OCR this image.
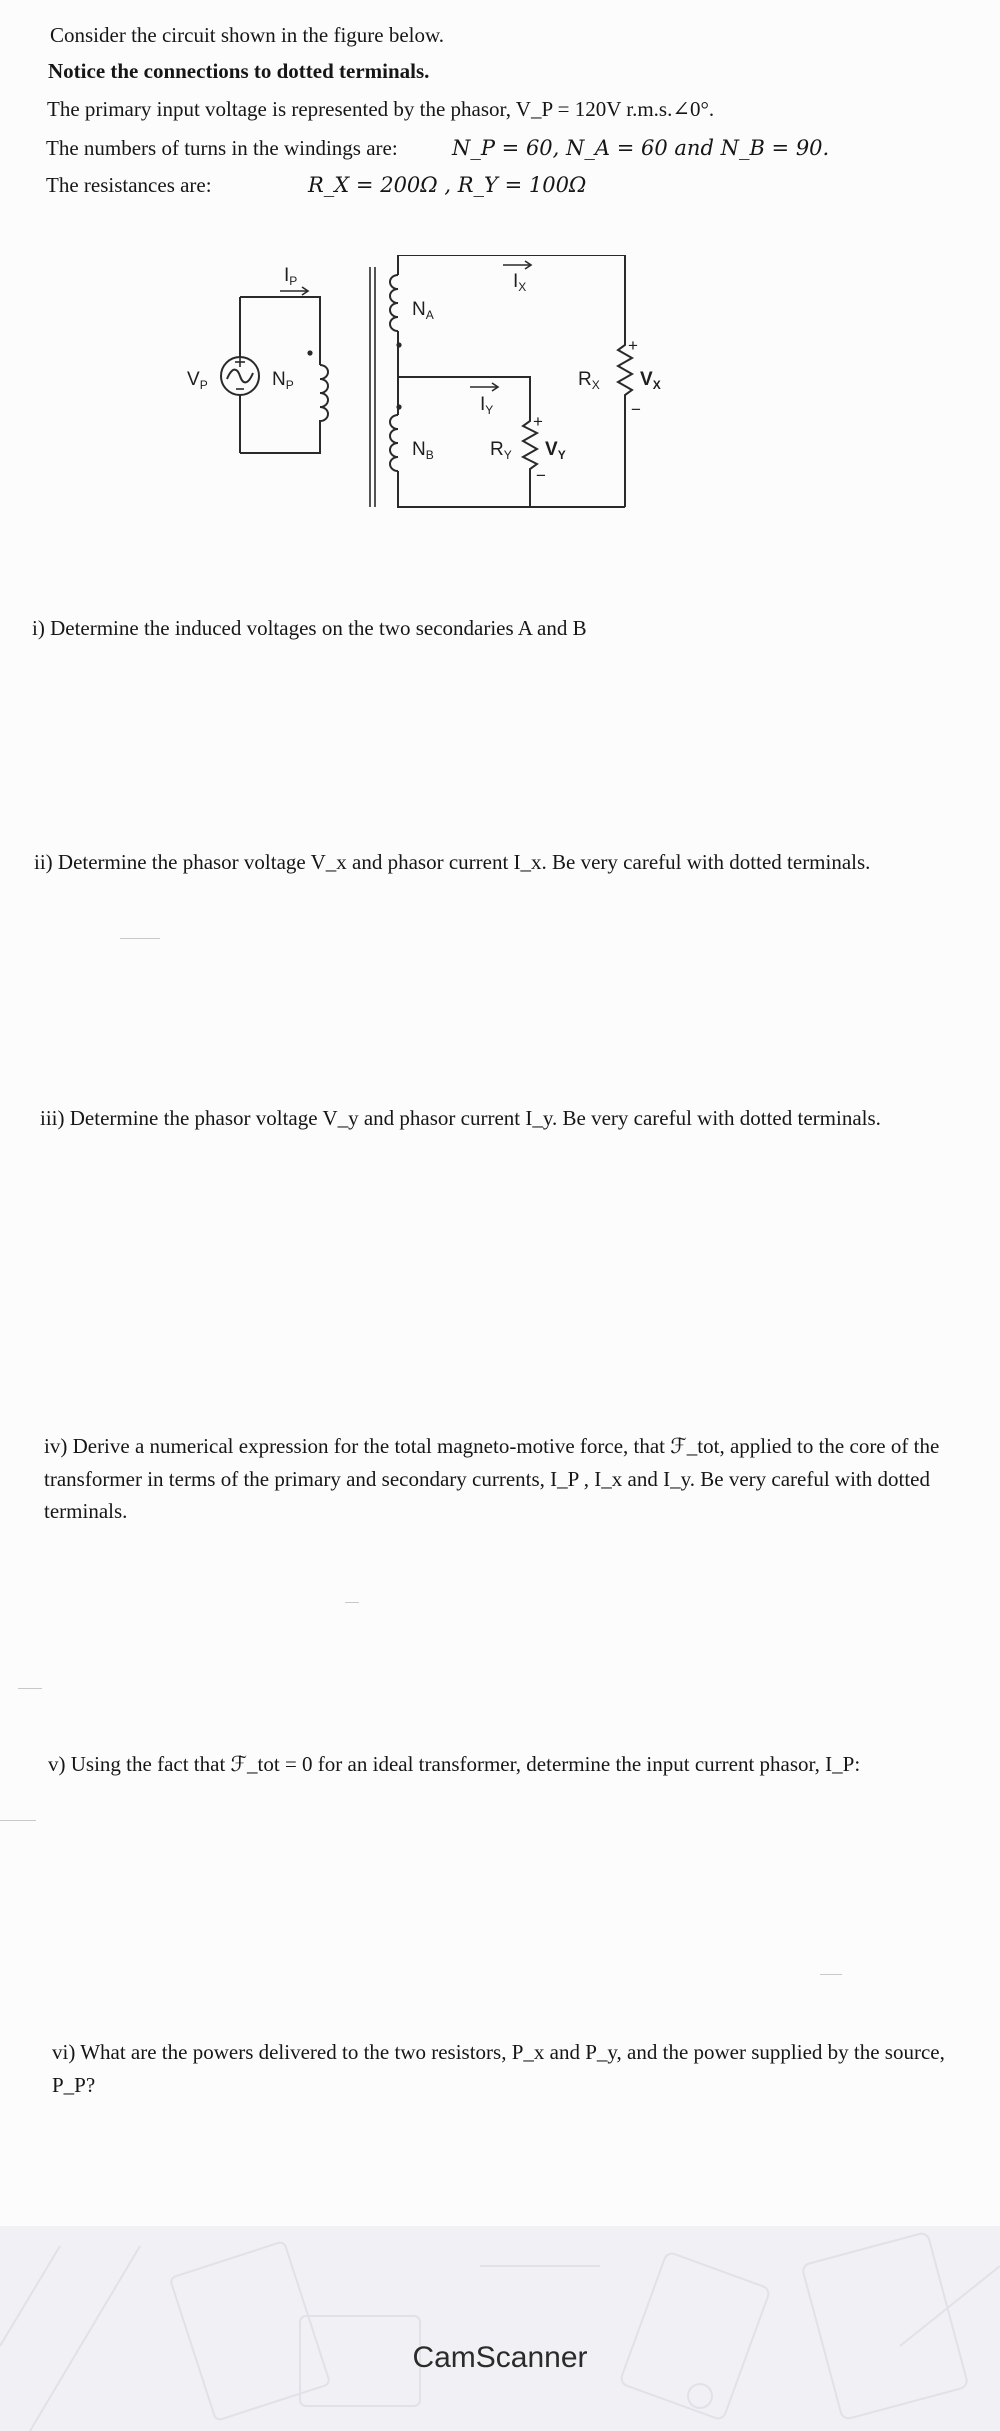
Consider the circuit shown in the figure below.
Notice the connections to dotted terminals.
The primary input voltage is represented by the phasor, V_P = 120V r.m.s.∠0°.
The numbers of turns in the windings are:	N_P = 60, N_A = 60 and N_B = 90.
The resistances are:	R_X = 200Ω , R_Y = 100Ω
$V_P$
$I_P$
$N_P$
$N_A$
$N_B$
$I_X$
$I_Y$
$R_X$
$R_Y$
$V_X$
$V_Y$
+
−
+
−
i) Determine the induced voltages on the two secondaries A and B
ii) Determine the phasor voltage V_x and phasor current I_x. Be very careful with dotted terminals.
iii) Determine the phasor voltage V_y and phasor current I_y. Be very careful with dotted terminals.
iv) Derive a numerical expression for the total magneto-motive force, that ℱ_tot, applied to the core of the transformer in terms of the primary and secondary currents, I_P , I_x and I_y. Be very careful with dotted terminals.
v) Using the fact that ℱ_tot = 0 for an ideal transformer, determine the input current phasor, I_P:
vi) What are the powers delivered to the two resistors, P_x and P_y, and the power supplied by the source, P_P?
CamScanner
